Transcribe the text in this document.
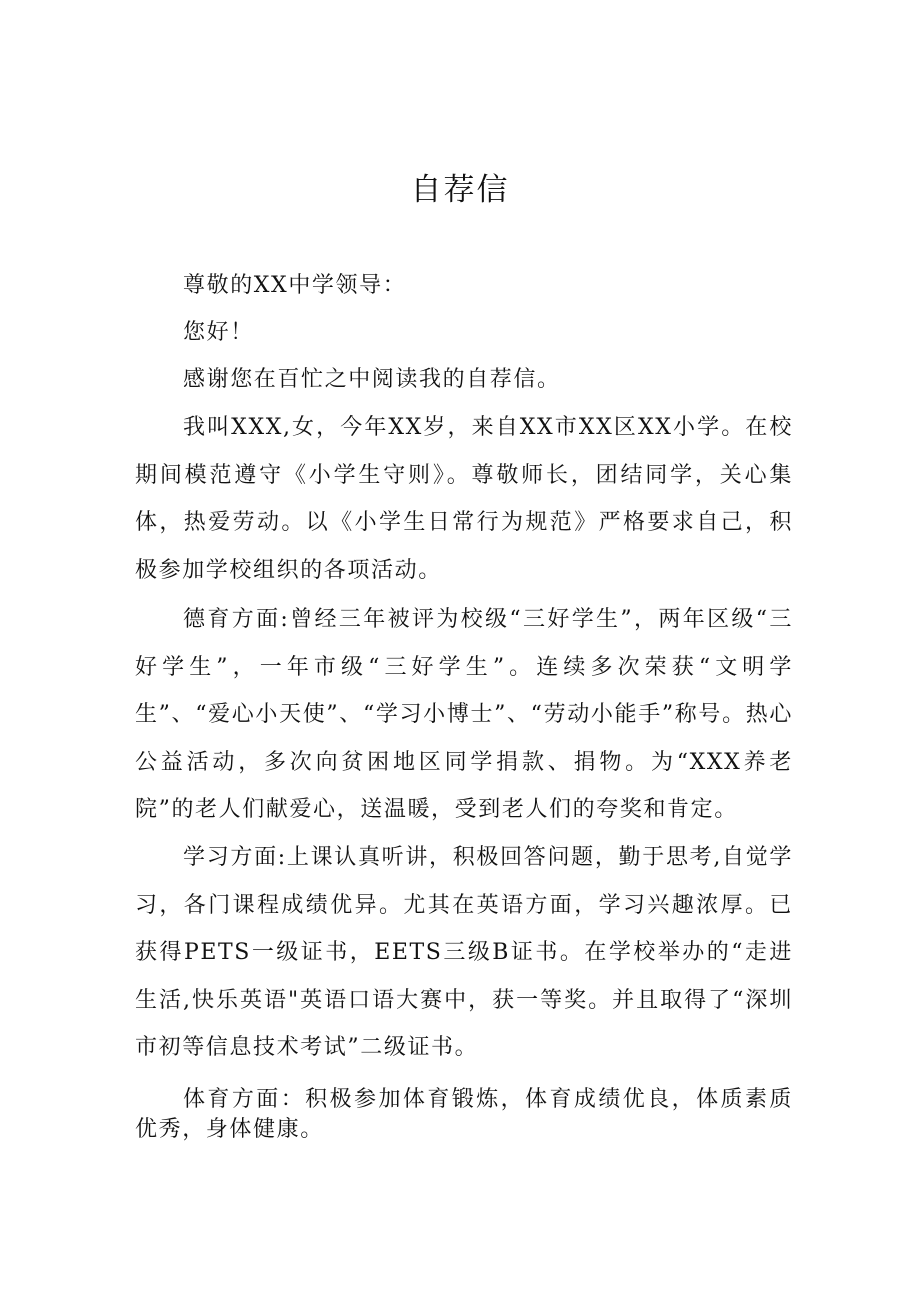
自荐信

尊敬的XX中学领导：

您好！

感谢您在百忙之中阅读我的自荐信。

我叫XXX,女，今年XX岁，来自XX市XX区XX小学。在校期间模范遵守《小学生守则》。尊敬师长，团结同学，关心集体，热爱劳动。以《小学生日常行为规范》严格要求自己，积极参加学校组织的各项活动。

德育方面:曾经三年被评为校级“三好学生”，两年区级“三好学生”，一年市级“三好学生”。连续多次荣获“文明学生”、“爱心小天使”、“学习小博士”、“劳动小能手”称号。热心公益活动，多次向贫困地区同学捐款、捐物。为“XXX养老院”的老人们献爱心，送温暖，受到老人们的夸奖和肯定。

学习方面:上课认真听讲，积极回答问题，勤于思考,自觉学习，各门课程成绩优异。尤其在英语方面，学习兴趣浓厚。已获得PETS一级证书，EETS三级B证书。在学校举办的“走进生活,快乐英语"英语口语大赛中，获一等奖。并且取得了“深圳市初等信息技术考试”二级证书。

体育方面：积极参加体育锻炼，体育成绩优良，体质素质优秀，身体健康。
